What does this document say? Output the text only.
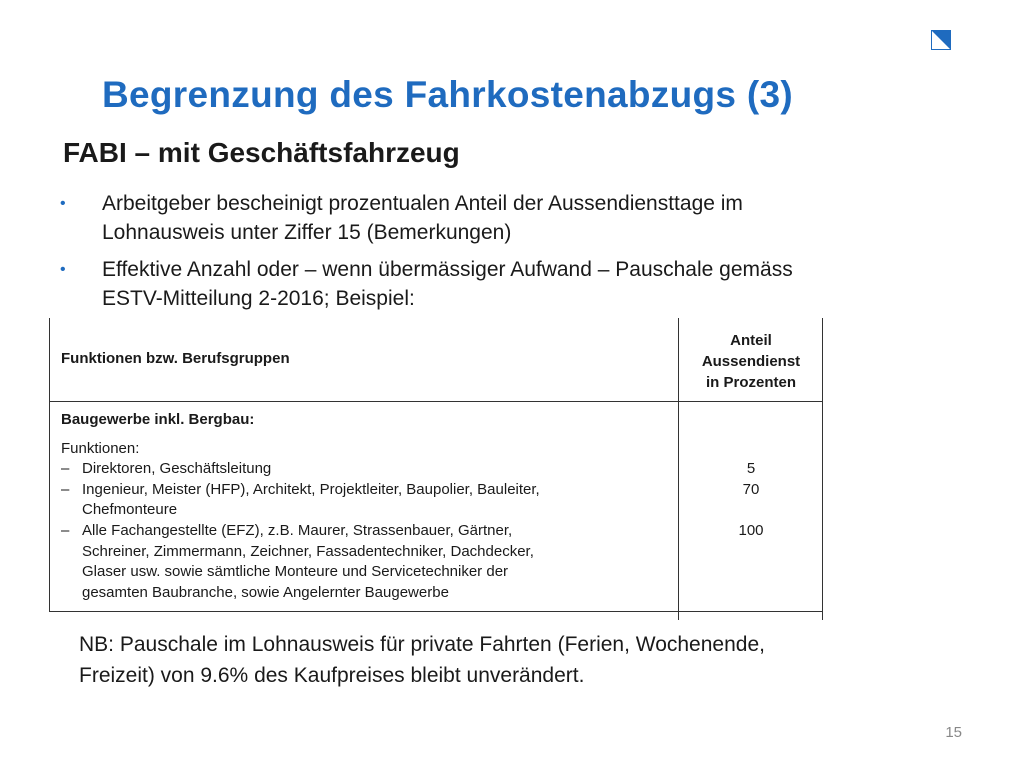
Begrenzung des Fahrkostenabzugs (3)
FABI – mit Geschäftsfahrzeug
• Arbeitgeber bescheinigt prozentualen Anteil der Aussendiensttage im
Lohnausweis unter Ziffer 15 (Bemerkungen)
• Effektive Anzahl oder – wenn übermässiger Aufwand – Pauschale gemäss
ESTV-Mitteilung 2-2016; Beispiel:
Funktionen bzw. Berufsgruppen
Anteil
Aussendienst
in Prozenten
Baugewerbe inkl. Bergbau:
Funktionen:
– Direktoren, Geschäftsleitung
– Ingenieur, Meister (HFP), Architekt, Projektleiter, Baupolier, Bauleiter,
Chefmonteure
– Alle Fachangestellte (EFZ), z.B. Maurer, Strassenbauer, Gärtner,
Schreiner, Zimmermann, Zeichner, Fassadentechniker, Dachdecker,
Glaser usw. sowie sämtliche Monteure und Servicetechniker der
gesamten Baubranche, sowie Angelernter Baugewerbe
5
70
100
NB: Pauschale im Lohnausweis für private Fahrten (Ferien, Wochenende,
Freizeit) von 9.6% des Kaufpreises bleibt unverändert.
15
